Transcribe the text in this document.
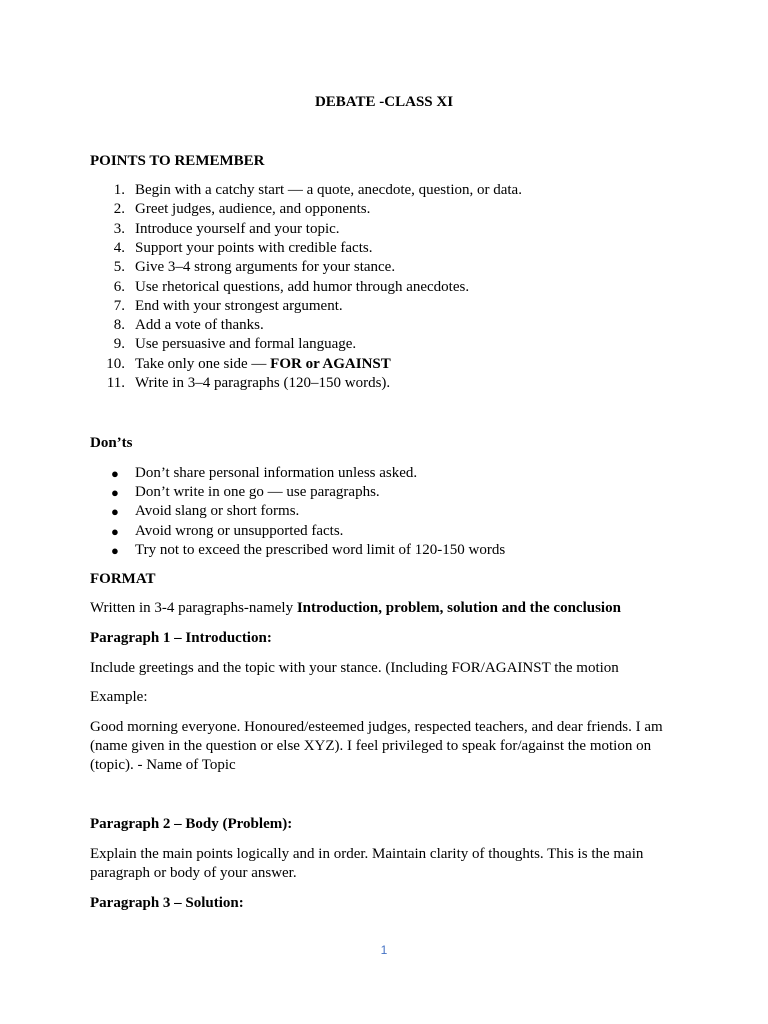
DEBATE -CLASS XI
POINTS TO REMEMBER
1. Begin with a catchy start — a quote, anecdote, question, or data.
2. Greet judges, audience, and opponents.
3. Introduce yourself and your topic.
4. Support your points with credible facts.
5. Give 3–4 strong arguments for your stance.
6. Use rhetorical questions, add humor through anecdotes.
7. End with your strongest argument.
8. Add a vote of thanks.
9. Use persuasive and formal language.
10. Take only one side — FOR or AGAINST
11. Write in 3–4 paragraphs (120–150 words).
Don’ts
● Don’t share personal information unless asked.
● Don’t write in one go — use paragraphs.
● Avoid slang or short forms.
● Avoid wrong or unsupported facts.
● Try not to exceed the prescribed word limit of 120-150 words
FORMAT
Written in 3-4 paragraphs-namely Introduction, problem, solution and the conclusion
Paragraph 1 – Introduction:
Include greetings and the topic with your stance. (Including FOR/AGAINST the motion
Example:
Good morning everyone. Honoured/esteemed judges, respected teachers, and dear friends. I am (name given in the question or else XYZ). I feel privileged to speak for/against the motion on (topic). - Name of Topic
Paragraph 2 – Body (Problem):
Explain the main points logically and in order. Maintain clarity of thoughts. This is the main paragraph or body of your answer.
Paragraph 3 – Solution:
1
